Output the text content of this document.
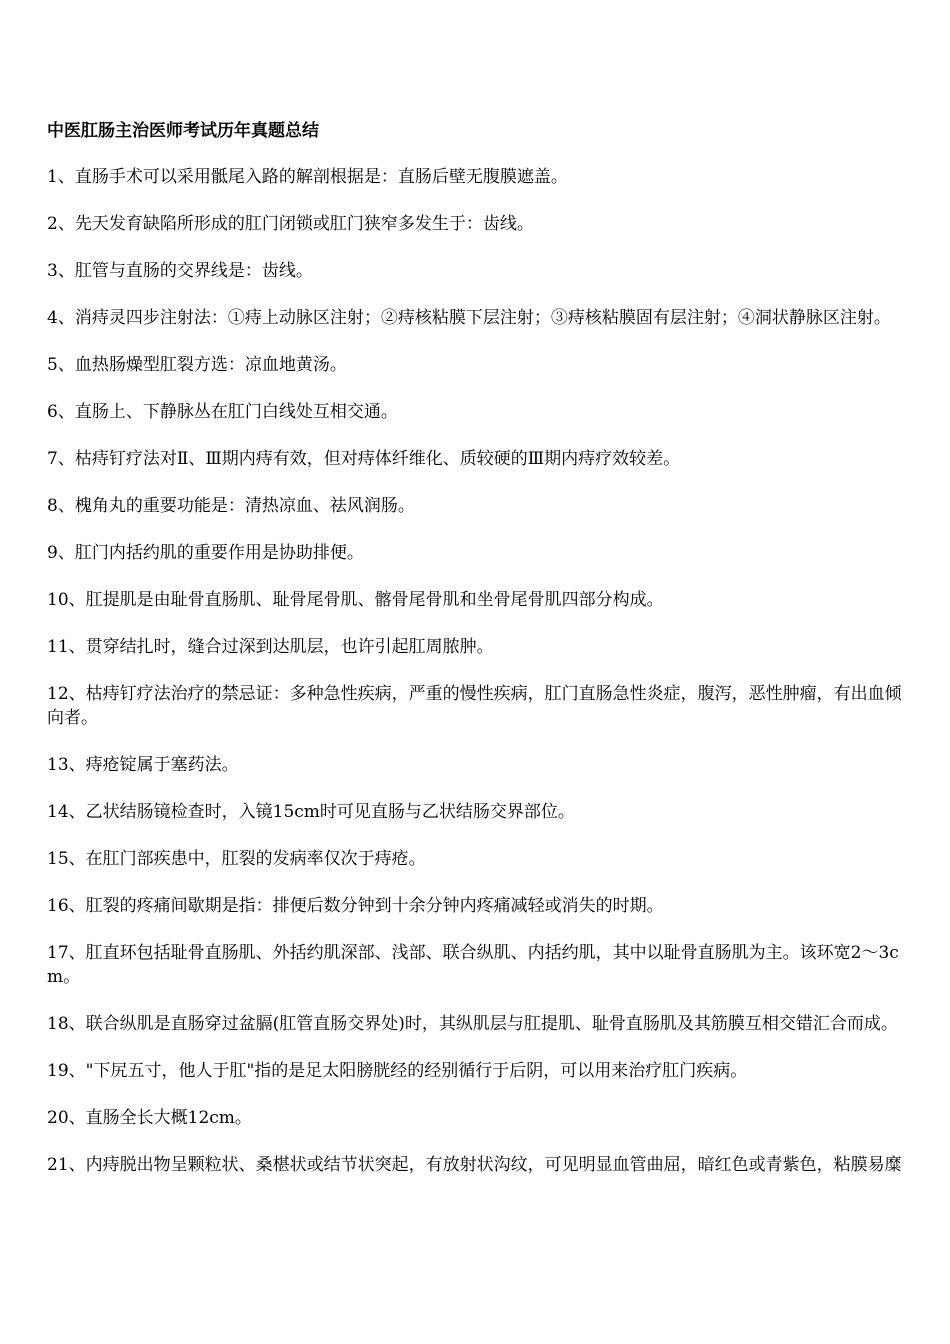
中医肛肠主治医师考试历年真题总结
1、直肠手术可以采用骶尾入路的解剖根据是：直肠后壁无腹膜遮盖。
2、先天发育缺陷所形成的肛门闭锁或肛门狭窄多发生于：齿线。
3、肛管与直肠的交界线是：齿线。
4、消痔灵四步注射法：①痔上动脉区注射；②痔核粘膜下层注射；③痔核粘膜固有层注射；④洞状静脉区注射。
5、血热肠燥型肛裂方选：凉血地黄汤。
6、直肠上、下静脉丛在肛门白线处互相交通。
7、枯痔钉疗法对Ⅱ、Ⅲ期内痔有效，但对痔体纤维化、质较硬的Ⅲ期内痔疗效较差。
8、槐角丸的重要功能是：清热凉血、祛风润肠。
9、肛门内括约肌的重要作用是协助排便。
10、肛提肌是由耻骨直肠肌、耻骨尾骨肌、髂骨尾骨肌和坐骨尾骨肌四部分构成。
11、贯穿结扎时，缝合过深到达肌层，也许引起肛周脓肿。
12、枯痔钉疗法治疗的禁忌证：多种急性疾病，严重的慢性疾病，肛门直肠急性炎症，腹泻，恶性肿瘤，有出血倾向者。
13、痔疮锭属于塞药法。
14、乙状结肠镜检查时，入镜15cm时可见直肠与乙状结肠交界部位。
15、在肛门部疾患中，肛裂的发病率仅次于痔疮。
16、肛裂的疼痛间歇期是指：排便后数分钟到十余分钟内疼痛减轻或消失的时期。
17、肛直环包括耻骨直肠肌、外括约肌深部、浅部、联合纵肌、内括约肌，其中以耻骨直肠肌为主。该环宽2～3cm。
18、联合纵肌是直肠穿过盆膈(肛管直肠交界处)时，其纵肌层与肛提肌、耻骨直肠肌及其筋膜互相交错汇合而成。
19、"下尻五寸，他人于肛"指的是足太阳膀胱经的经别循行于后阴，可以用来治疗肛门疾病。
20、直肠全长大概12cm。
21、内痔脱出物呈颗粒状、桑椹状或结节状突起，有放射状沟纹，可见明显血管曲屈，暗红色或青紫色，粘膜易糜
